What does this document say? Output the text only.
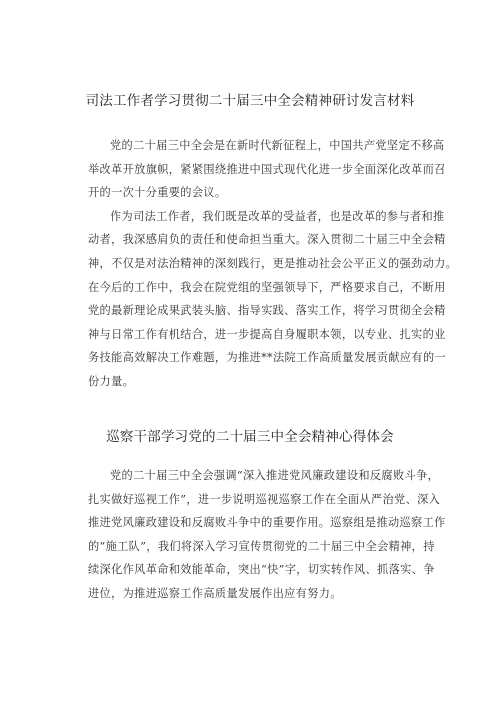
司法工作者学习贯彻二十届三中全会精神研讨发言材料
党的二十届三中全会是在新时代新征程上，中国共产党坚定不移高
举改革开放旗帜，紧紧围绕推进中国式现代化进一步全面深化改革而召
开的一次十分重要的会议。
作为司法工作者，我们既是改革的受益者，也是改革的参与者和推
动者，我深感肩负的责任和使命担当重大。深入贯彻二十届三中全会精
神，不仅是对法治精神的深刻践行，更是推动社会公平正义的强劲动力。
在今后的工作中，我会在院党组的坚强领导下，严格要求自己，不断用
党的最新理论成果武装头脑、指导实践、落实工作，将学习贯彻全会精
神与日常工作有机结合，进一步提高自身履职本领，以专业、扎实的业
务技能高效解决工作难题，为推进**法院工作高质量发展贡献应有的一
份力量。
巡察干部学习党的二十届三中全会精神心得体会
党的二十届三中全会强调“深入推进党风廉政建设和反腐败斗争，
扎实做好巡视工作”，进一步说明巡视巡察工作在全面从严治党、深入
推进党风廉政建设和反腐败斗争中的重要作用。巡察组是推动巡察工作
的“施工队”，我们将深入学习宣传贯彻党的二十届三中全会精神，持
续深化作风革命和效能革命，突出“快”字，切实转作风、抓落实、争
进位，为推进巡察工作高质量发展作出应有努力。
